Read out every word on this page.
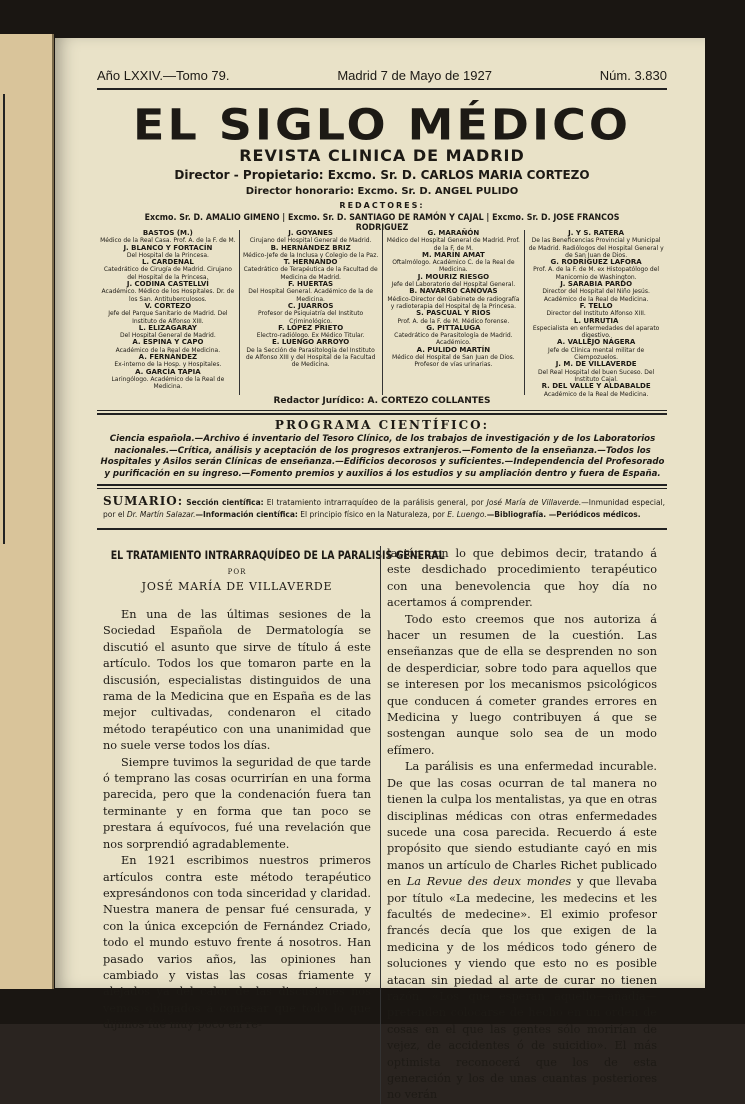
Año LXXIV.—Tomo 79.	Madrid 7 de Mayo de 1927	Núm. 3.830
EL SIGLO MÉDICO
REVISTA CLINICA DE MADRID
Director - Propietario: Excmo. Sr. D. CARLOS MARIA CORTEZO
Director honorario: Excmo. Sr. D. ANGEL PULIDO
REDACTORES:
Excmo. Sr. D. AMALIO GIMENO | Excmo. Sr. D. SANTIAGO DE RAMÓN Y CAJAL | Excmo. Sr. D. JOSE FRANCOS RODRIGUEZ
BASTOS (M.)
Médico de la Real Casa. Prof. A. de la F. de M.
J. BLANCO Y FORTACÍN
Del Hospital de la Princesa.
L. CARDENAL
Catedrático de Cirugía de Madrid. Cirujano del Hospital de la Princesa.
J. CODINA CASTELLVÍ
Académico. Médico de los Hospitales. Dr. de los San. Antituberculosos.
V. CORTEZO
Jefe del Parque Sanitario de Madrid. Del Instituto de Alfonso XIII.
L. ELIZAGARAY
Del Hospital General de Madrid.
A. ESPINA Y CAPO
Académico de la Real de Medicina.
A. FERNÁNDEZ
Ex-interno de la Hosp. y Hospitales.
A. GARCÍA TAPIA
Laringólogo. Académico de la Real de Medicina.
J. GOYANES
Cirujano del Hospital General de Madrid.
B. HERNÁNDEZ BRIZ
Médico-Jefe de la Inclusa y Colegio de la Paz.
T. HERNANDO
Catedrático de Terapéutica de la Facultad de Medicina de Madrid.
F. HUERTAS
Del Hospital General. Académico de la de Medicina.
C. JUARROS
Profesor de Psiquiatría del Instituto Criminológico.
F. LÓPEZ PRIETO
Electro-radiólogo. Ex Médico Titular.
E. LUENGO ARROYO
De la Sección de Parasitología del Instituto de Alfonso XIII y del Hospital de la Facultad de Medicina.
G. MARAÑÓN
Médico del Hospital General de Madrid. Prof. de la F. de M.
M. MARÍN AMAT
Oftalmólogo. Académico C. de la Real de Medicina.
J. MOURIZ RIESGO
Jefe del Laboratorio del Hospital General.
B. NAVARRO CÁNOVAS
Médico-Director del Gabinete de radiografía y radioterapia del Hospital de la Princesa.
S. PASCUAL Y RÍOS
Prof. A. de la F. de M. Médico forense.
G. PITTALUGA
Catedrático de Parasitología de Madrid. Académico.
A. PULIDO MARTÍN
Médico del Hospital de San Juan de Dios. Profesor de vías urinarias.
J. Y S. RATERA
De las Beneficencias Provincial y Municipal de Madrid. Radiólogos del Hospital General y de San Juan de Dios.
G. RODRÍGUEZ LAFORA
Prof. A. de la F. de M. ex Histopatólogo del Manicomio de Washington.
J. SARABIA PARDO
Director del Hospital del Niño Jesús. Académico de la Real de Medicina.
F. TELLO
Director del Instituto Alfonso XIII.
L. URRUTIA
Especialista en enfermedades del aparato digestivo.
A. VALLEJO NÁGERA
Jefe de Clínica mental militar de Ciempozuelos.
J. M. DE VILLAVERDE
Del Real Hospital del buen Suceso. Del Instituto Cajal.
R. DEL VALLE Y ALDABALDE
Académico de la Real de Medicina.
Redactor Jurídico: A. CORTEZO COLLANTES
PROGRAMA CIENTÍFICO:
Ciencia española.—Archivo é inventario del Tesoro Clínico, de los trabajos de investigación y de los Laboratorios nacionales.—Crítica, análisis y aceptación de los progresos extranjeros.—Fomento de la enseñanza.—Todos los Hospitales y Asilos serán Clínicas de enseñanza.—Edificios decorosos y suficientes.—Independencia del Profesorado y purificación en su ingreso.—Fomento premios y auxilios á los estudios y su ampliación dentro y fuera de España.
SUMARIO: Sección científica: El tratamiento intrarraquídeo de la parálisis general, por José María de Villaverde.—Inmunidad especial, por el Dr. Martín Salazar.—Información científica: El principio físico en la Naturaleza, por E. Luengo.—Bibliografía. —Periódicos médicos.
EL TRATAMIENTO INTRARRAQUÍDEO DE LA PARALISIS GENERAL
POR
JOSÉ MARÍA DE VILLAVERDE

En una de las últimas sesiones de la Sociedad Española de Dermatología se discutió el asunto que sirve de título á este artículo. Todos los que tomaron parte en la discusión, especialistas distinguidos de una rama de la Medicina que en España es de las mejor cultivadas, condenaron el citado método terapéutico con una unanimidad que no suele verse todos los días.

Siempre tuvimos la seguridad de que tarde ó temprano las cosas ocurrirían en una forma parecida, pero que la condenación fuera tan terminante y en forma que tan poco se prestara á equívocos, fué una revelación que nos sorprendió agradablemente.

En 1921 escribimos nuestros primeros artículos contra este método terapéutico expresándonos con toda sinceridad y claridad. Nuestra manera de pensar fué censurada, y con la única excepción de Fernández Criado, todo el mundo estuvo frente á nosotros. Han pasado varios años, las opiniones han cambiado y vistas las cosas friamente y alejados ya del calor de las discusiones nos vemos obligados á confesar que todo lo que dijimos fué muy poco en re-

lación con lo que debimos decir, tratando á este desdichado procedimiento terapéutico con una benevolencia que hoy día no acertamos á comprender.

Todo esto creemos que nos autoriza á hacer un resumen de la cuestión. Las enseñanzas que de ella se desprenden no son de desperdiciar, sobre todo para aquellos que se interesen por los mecanismos psicológicos que conducen á cometer grandes errores en Medicina y luego contribuyen á que se sostengan aunque solo sea de un modo efímero.

La parálisis es una enfermedad incurable. De que las cosas ocurran de tal manera no tienen la culpa los mentalistas, ya que en otras disciplinas médicas con otras enfermedades sucede una cosa parecida. Recuerdo á este propósito que siendo estudiante cayó en mis manos un artículo de Charles Richet publicado en La Revue des deux mondes y que llevaba por título «La medecine, les medecins et les facultés de medecine». El eximio profesor francés decía que los que exigen de la medicina y de los médicos todo género de soluciones y viendo que esto no es posible atacan sin piedad al arte de curar no tienen razón. «Los que esperan aquello—añadía—pretenden colocarse de hecho en un orden de cosas en el que las gentes sólo morirían de vejez, de accidentes ó de suicidio». El más optimista reconocerá que los de esta generación y los de unas cuantas posteriores no verán
